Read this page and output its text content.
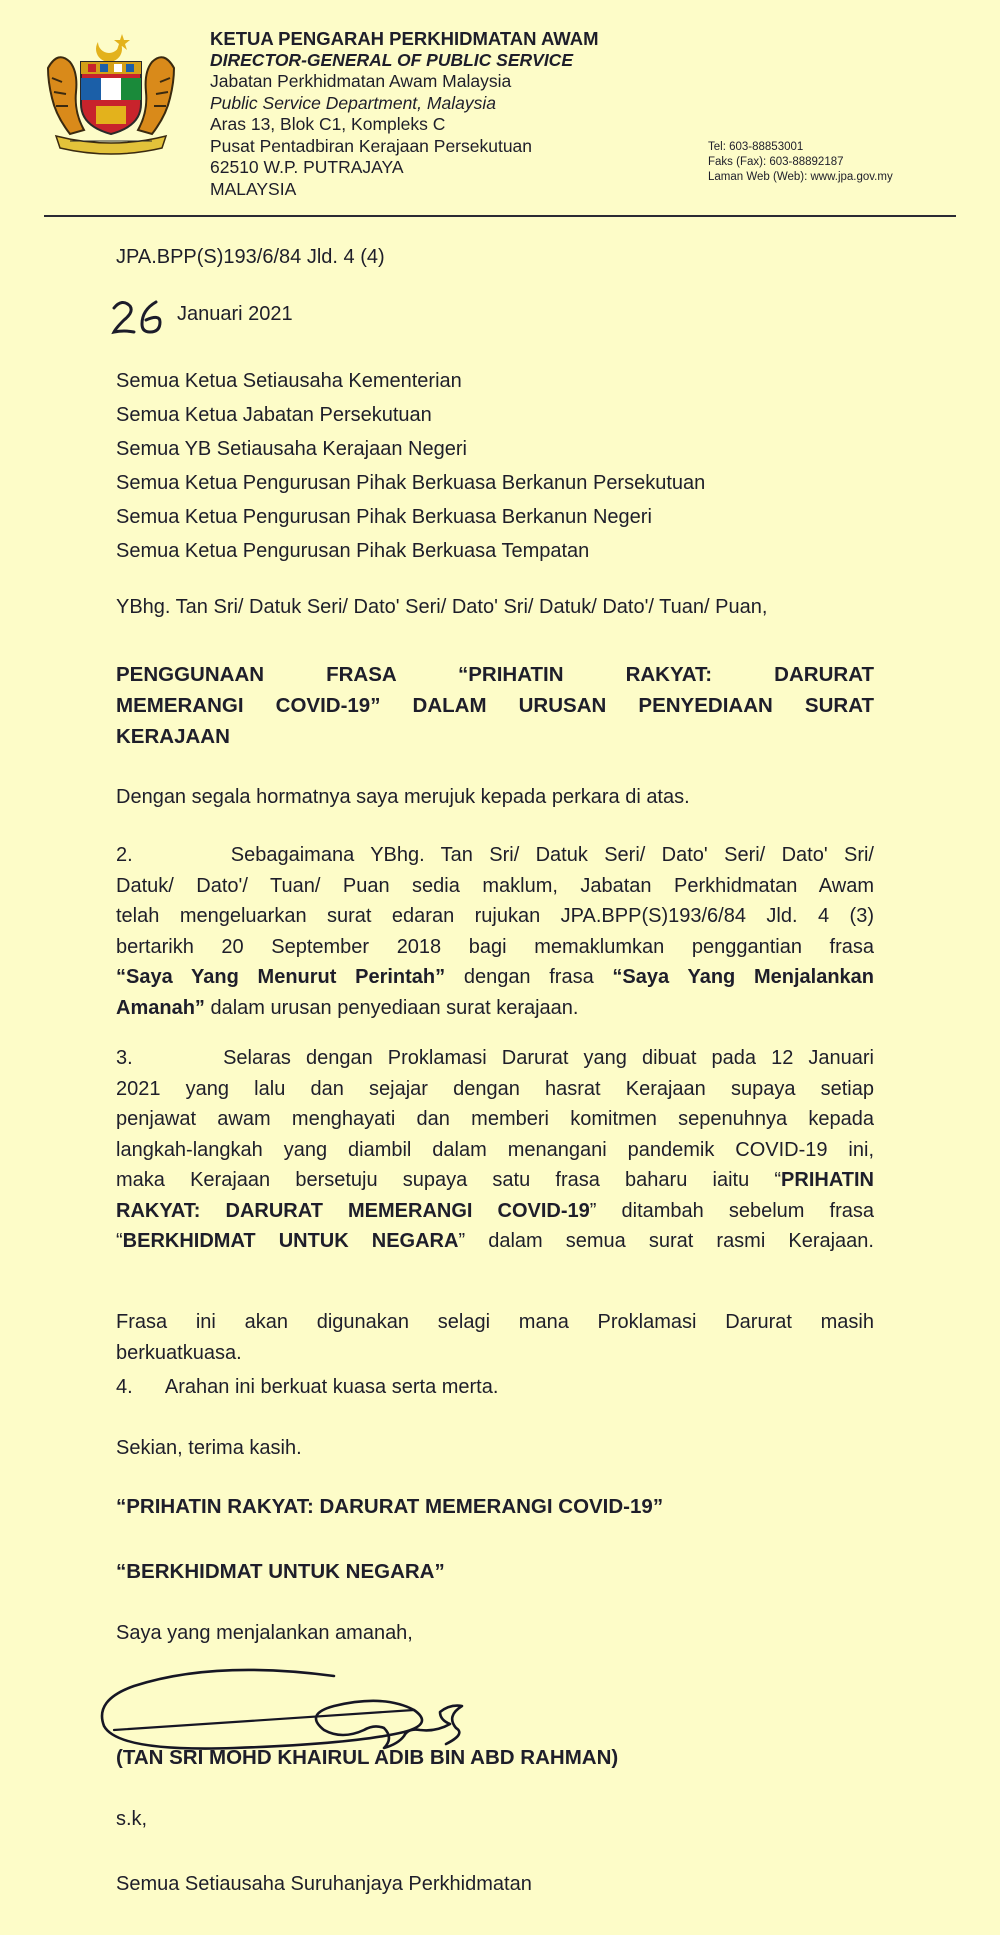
KETUA PENGARAH PERKHIDMATAN AWAM
DIRECTOR-GENERAL OF PUBLIC SERVICE
Jabatan Perkhidmatan Awam Malaysia
Public Service Department, Malaysia
Aras 13, Blok C1, Kompleks C
Pusat Pentadbiran Kerajaan Persekutuan
62510 W.P. PUTRAJAYA
MALAYSIA
Tel: 603-88853001
Faks (Fax): 603-88892187
Laman Web (Web): www.jpa.gov.my
JPA.BPP(S)193/6/84 Jld. 4 (4)
Januari 2021
Semua Ketua Setiausaha Kementerian
Semua Ketua Jabatan Persekutuan
Semua YB Setiausaha Kerajaan Negeri
Semua Ketua Pengurusan Pihak Berkuasa Berkanun Persekutuan
Semua Ketua Pengurusan Pihak Berkuasa Berkanun Negeri
Semua Ketua Pengurusan Pihak Berkuasa Tempatan
YBhg. Tan Sri/ Datuk Seri/ Dato' Seri/ Dato' Sri/ Datuk/ Dato'/ Tuan/ Puan,
PENGGUNAAN FRASA “PRIHATIN RAKYAT: DARURAT
MEMERANGI COVID-19” DALAM URUSAN PENYEDIAAN SURAT
KERAJAAN
Dengan segala hormatnya saya merujuk kepada perkara di atas.
2.      Sebagaimana YBhg. Tan Sri/ Datuk Seri/ Dato' Seri/ Dato' Sri/
Datuk/ Dato'/ Tuan/ Puan sedia maklum, Jabatan Perkhidmatan Awam
telah mengeluarkan surat edaran rujukan JPA.BPP(S)193/6/84 Jld. 4 (3)
bertarikh 20 September 2018 bagi memaklumkan penggantian frasa
“Saya Yang Menurut Perintah” dengan frasa “Saya Yang Menjalankan
Amanah” dalam urusan penyediaan surat kerajaan.
3.      Selaras dengan Proklamasi Darurat yang dibuat pada 12 Januari
2021 yang lalu dan sejajar dengan hasrat Kerajaan supaya setiap
penjawat awam menghayati dan memberi komitmen sepenuhnya kepada
langkah-langkah yang diambil dalam menangani pandemik COVID-19 ini,
maka Kerajaan bersetuju supaya satu frasa baharu iaitu “PRIHATIN
RAKYAT: DARURAT MEMERANGI COVID-19” ditambah sebelum frasa
“BERKHIDMAT UNTUK NEGARA” dalam semua surat rasmi Kerajaan.
Frasa ini akan digunakan selagi mana Proklamasi Darurat masih
berkuatkuasa.
4.      Arahan ini berkuat kuasa serta merta.
Sekian, terima kasih.
“PRIHATIN RAKYAT: DARURAT MEMERANGI COVID-19”
“BERKHIDMAT UNTUK NEGARA”
Saya yang menjalankan amanah,
(TAN SRI MOHD KHAIRUL ADIB BIN ABD RAHMAN)
s.k,
Semua Setiausaha Suruhanjaya Perkhidmatan
